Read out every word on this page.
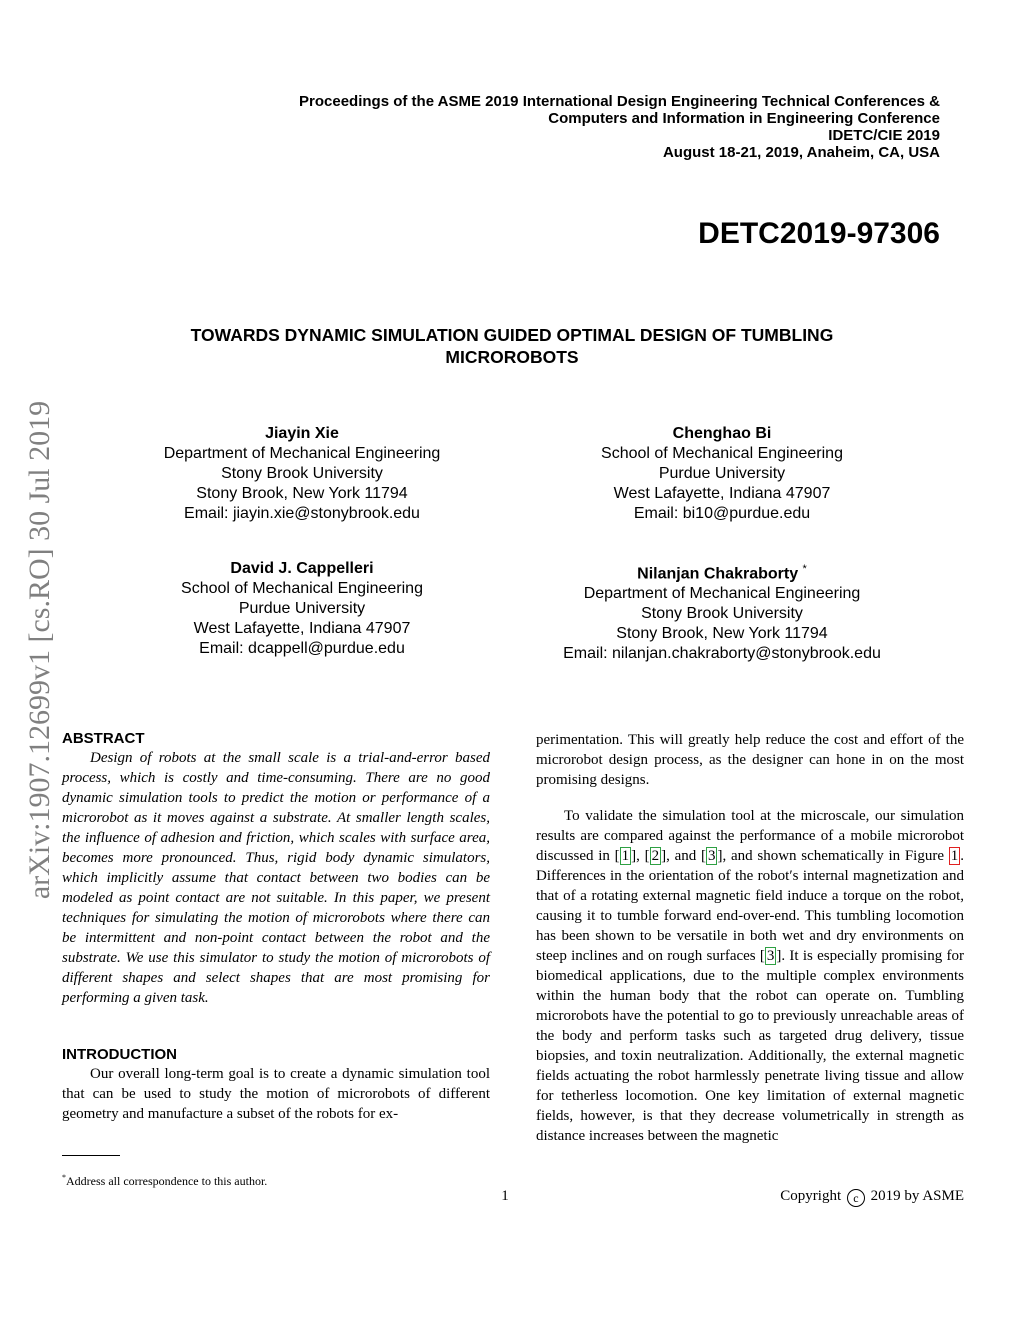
Proceedings of the ASME 2019 International Design Engineering Technical Conferences &
Computers and Information in Engineering Conference
IDETC/CIE 2019
August 18-21, 2019, Anaheim, CA, USA
DETC2019-97306
TOWARDS DYNAMIC SIMULATION GUIDED OPTIMAL DESIGN OF TUMBLING
MICROROBOTS
Jiayin Xie
Department of Mechanical Engineering
Stony Brook University
Stony Brook, New York 11794
Email: jiayin.xie@stonybrook.edu
Chenghao Bi
School of Mechanical Engineering
Purdue University
West Lafayette, Indiana 47907
Email: bi10@purdue.edu
David J. Cappelleri
School of Mechanical Engineering
Purdue University
West Lafayette, Indiana 47907
Email: dcappell@purdue.edu
Nilanjan Chakraborty *
Department of Mechanical Engineering
Stony Brook University
Stony Brook, New York 11794
Email: nilanjan.chakraborty@stonybrook.edu
arXiv:1907.12699v1 [cs.RO] 30 Jul 2019 ABSTRACT
Design of robots at the small scale is a trial-and-error based process, which is costly and time-consuming. There are no good dynamic simulation tools to predict the motion or performance of a microrobot as it moves against a substrate. At smaller length scales, the influence of adhesion and friction, which scales with surface area, becomes more pronounced. Thus, rigid body dynamic simulators, which implicitly assume that contact between two bodies can be modeled as point contact are not suitable. In this paper, we present techniques for simulating the motion of microrobots where there can be intermittent and non-point contact between the robot and the substrate. We use this simulator to study the motion of microrobots of different shapes and select shapes that are most promising for performing a given task.
INTRODUCTION
Our overall long-term goal is to create a dynamic simulation tool that can be used to study the motion of microrobots of different geometry and manufacture a subset of the robots for ex-
perimentation. This will greatly help reduce the cost and effort of the microrobot design process, as the designer can hone in on the most promising designs.
To validate the simulation tool at the microscale, our simulation results are compared against the performance of a mobile microrobot discussed in [ 1 ], [ 2 ], and [ 3 ], and shown schematically in Figure 1 . Differences in the orientation of the robot′s internal magnetization and that of a rotating external magnetic field induce a torque on the robot, causing it to tumble forward end-over-end. This tumbling locomotion has been shown to be versatile in both wet and dry environments on steep inclines and on rough surfaces [ 3 ]. It is especially promising for biomedical applications, due to the multiple complex environments within the human body that the robot can operate on. Tumbling microrobots have the potential to go to previously unreachable areas of the body and perform tasks such as targeted drug delivery, tissue biopsies, and toxin neutralization. Additionally, the external magnetic fields actuating the robot harmlessly penetrate living tissue and allow for tetherless locomotion. One key limitation of external magnetic fields, however, is that they decrease volumetrically in strength as distance increases between the magnetic
*Address all correspondence to this author.
1	Copyright c 2019 by ASME
